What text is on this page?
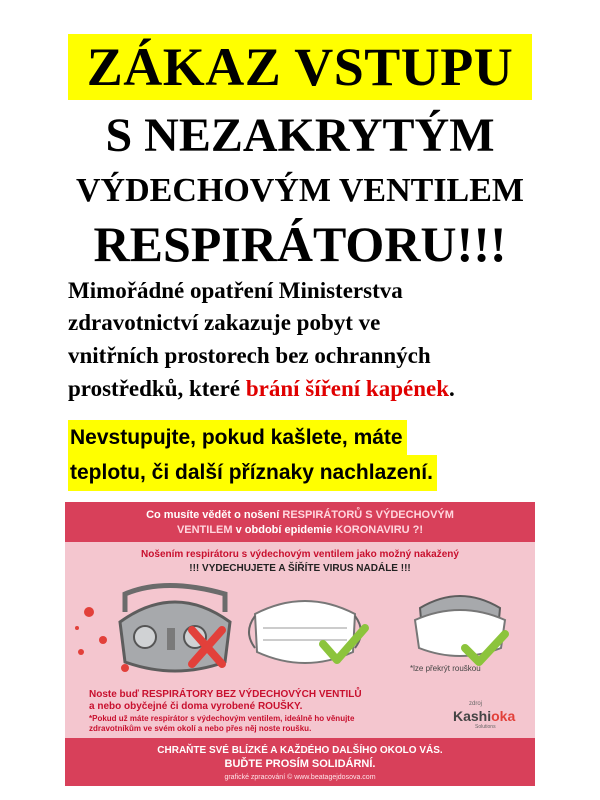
ZÁKAZ VSTUPU
S NEZAKRYTÝM
VÝDECHOVÝM VENTILEM
RESPIRÁTORU!!!
Mimořádné opatření Ministerstva
zdravotnictví zakazuje pobyt ve
vnitřních prostorech bez ochranných
prostředků, které brání šíření kapének.
Nevstupujte, pokud kašlete, máte
teplotu, či další příznaky nachlazení.
Co musíte vědět o nošení RESPIRÁTORŮ S VÝDECHOVÝM
VENTILEM v období epidemie KORONAVIRU ?!
Nošením respirátoru s výdechovým ventilem jako možný nakažený
!!! VYDECHUJETE A ŠÍŘÍTE VIRUS NADÁLE !!!
*lze překrýt rouškou
Noste buď RESPIRÁTORY BEZ VÝDECHOVÝCH VENTILŮ
a nebo obyčejné či doma vyrobené ROUŠKY.
*Pokud už máte respirátor s výdechovým ventilem, ideálně ho věnujte
zdravotníkům ve svém okolí a nebo přes něj noste roušku.
zdroj
Kashioka
Solutions
CHRAŇTE SVÉ BLÍZKÉ A KAŽDÉHO DALŠÍHO OKOLO VÁS.
BUĎTE PROSÍM SOLIDÁRNÍ.
grafické zpracování © www.beatagejdosova.com
